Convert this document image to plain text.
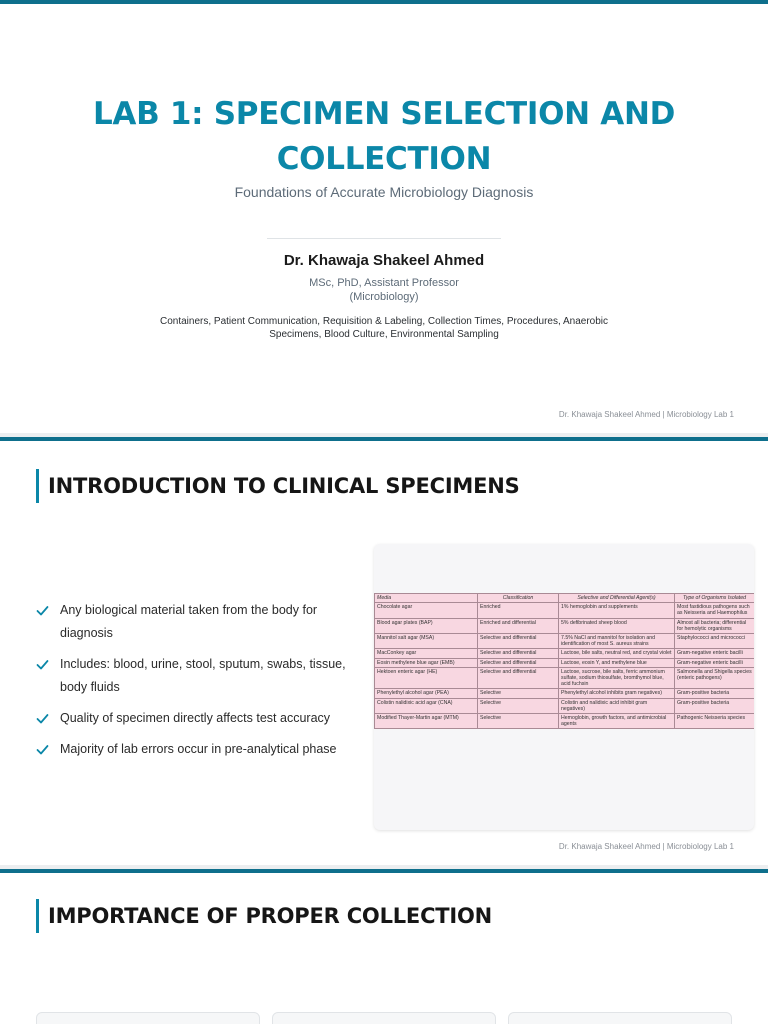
LAB 1: SPECIMEN SELECTION AND COLLECTION

Foundations of Accurate Microbiology Diagnosis

Dr. Khawaja Shakeel Ahmed

MSc, PhD, Assistant Professor (Microbiology)

Containers, Patient Communication, Requisition & Labeling, Collection Times, Procedures, Anaerobic Specimens, Blood Culture, Environmental Sampling

Dr. Khawaja Shakeel Ahmed | Microbiology Lab 1
INTRODUCTION TO CLINICAL SPECIMENS
Any biological material taken from the body for diagnosis
Includes: blood, urine, stool, sputum, swabs, tissue, body fluids
Quality of specimen directly affects test accuracy
Majority of lab errors occur in pre-analytical phase
Media	Classification	Selective and Differential Agent(s)	Type of Organisms Isolated
Chocolate agar	Enriched	1% hemoglobin and supplements	Most fastidious pathogens such as Neisseria and Haemophilus
Blood agar plates (BAP)	Enriched and differential	5% defibrinated sheep blood	Almost all bacteria; differential for hemolytic organisms
Mannitol salt agar (MSA)	Selective and differential	7.5% NaCl and mannitol for isolation and identification of most S. aureus strains	Staphylococci and micrococci
MacConkey agar	Selective and differential	Lactose, bile salts, neutral red, and crystal violet	Gram-negative enteric bacilli
Eosin methylene blue agar (EMB)	Selective and differential	Lactose, eosin Y, and methylene blue	Gram-negative enteric bacilli
Hektoen enteric agar (HE)	Selective and differential	Lactose, sucrose, bile salts, ferric ammonium sulfate, sodium thiosulfate, bromthymol blue, acid fuchsin	Salmonella and Shigella species (enteric pathogens)
Phenylethyl alcohol agar (PEA)	Selective	Phenylethyl alcohol inhibits gram negatives)	Gram-positive bacteria
Colistin nalidixic acid agar (CNA)	Selective	Colistin and nalidixic acid inhibit gram negatives)	Gram-positive bacteria
Modified Thayer-Martin agar (MTM)	Selective	Hemoglobin, growth factors, and antimicrobial agents	Pathogenic Neisseria species
Dr. Khawaja Shakeel Ahmed | Microbiology Lab 1
IMPORTANCE OF PROPER COLLECTION
